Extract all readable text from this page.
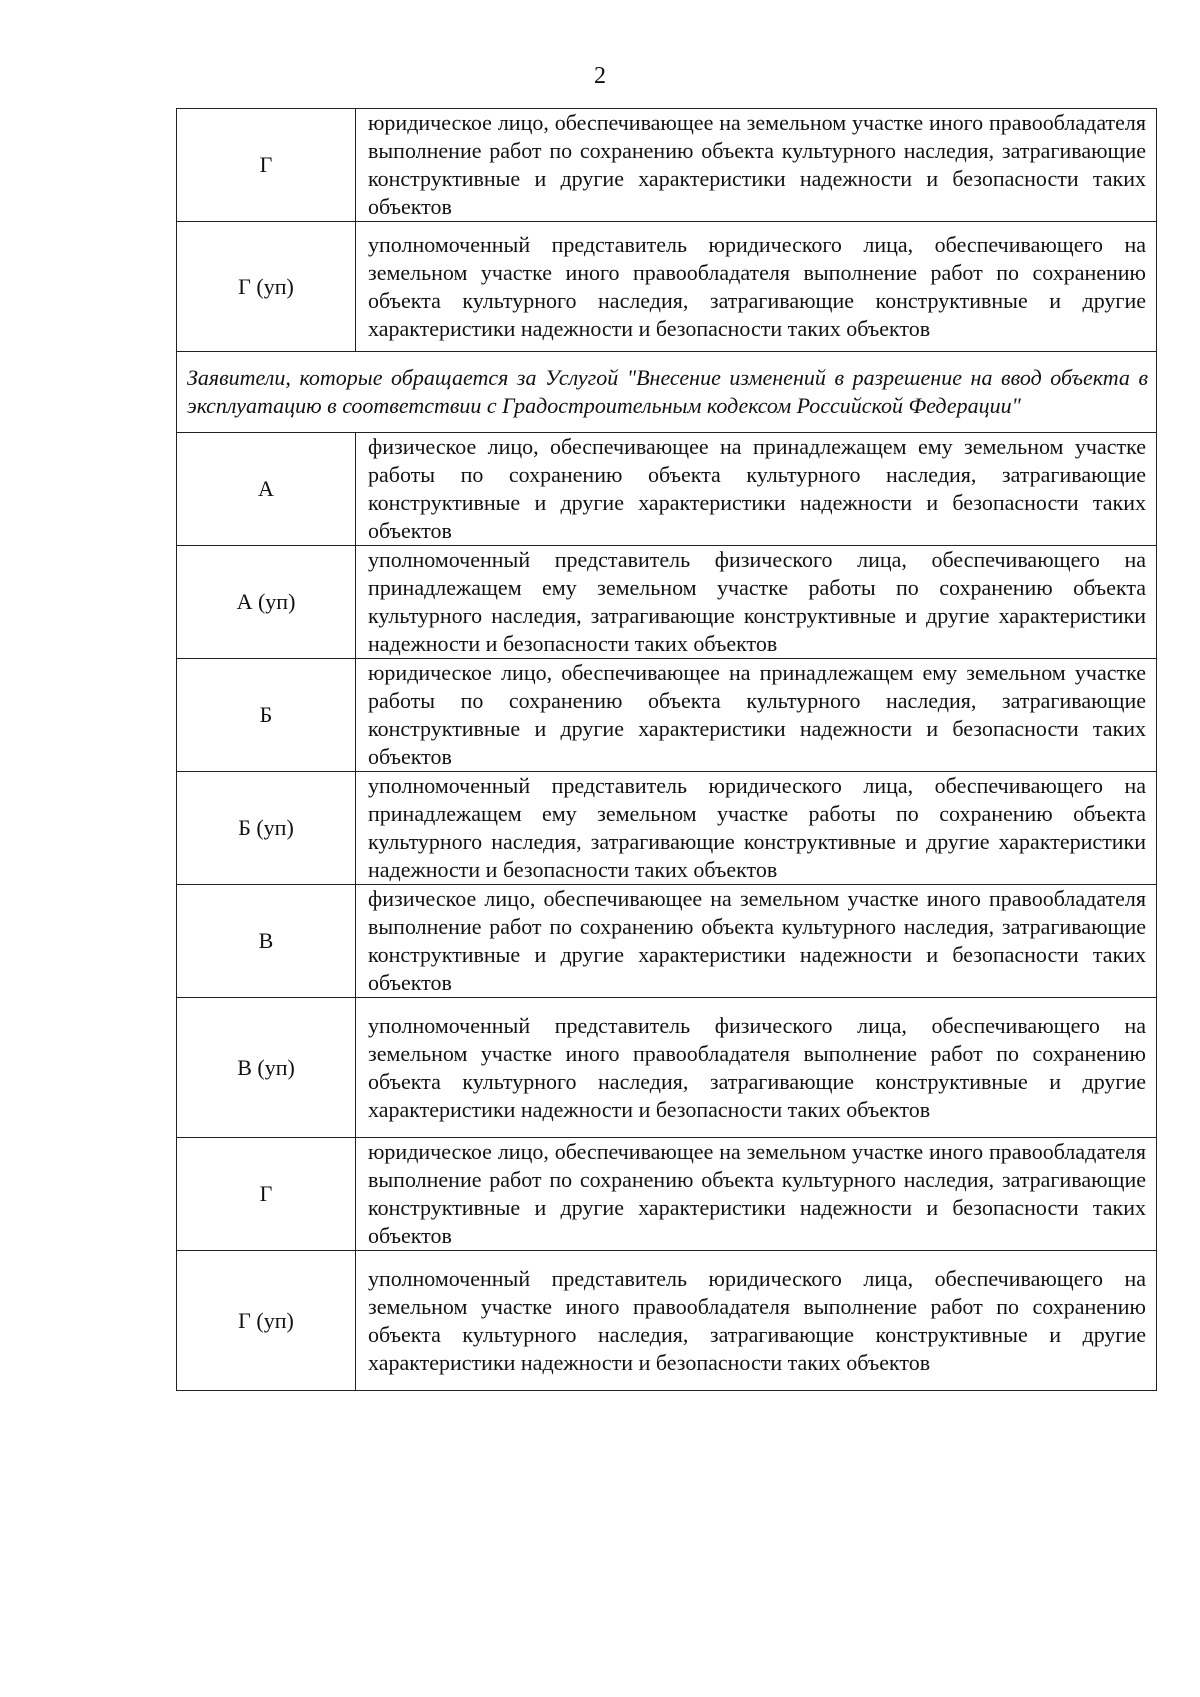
2
Г	юридическое лицо, обеспечивающее на земельном участке иного правообладателя выполнение работ по сохранению объекта культурного наследия, затрагивающие конструктивные и другие характеристики надежности и безопасности таких объектов
Г (уп)	уполномоченный представитель юридического лица, обеспечивающего на земельном участке иного правообладателя выполнение работ по сохранению объекта культурного наследия, затрагивающие конструктивные и другие характеристики надежности и безопасности таких объектов
Заявители, которые обращается за Услугой "Внесение изменений в разрешение на ввод объекта в эксплуатацию в соответствии с Градостроительным кодексом Российской Федерации"	
А	физическое лицо, обеспечивающее на принадлежащем ему земельном участке работы по сохранению объекта культурного наследия, затрагивающие конструктивные и другие характеристики надежности и безопасности таких объектов
А (уп)	уполномоченный представитель физического лица, обеспечивающего на принадлежащем ему земельном участке работы по сохранению объекта культурного наследия, затрагивающие конструктивные и другие характеристики надежности и безопасности таких объектов
Б	юридическое лицо, обеспечивающее на принадлежащем ему земельном участке работы по сохранению объекта культурного наследия, затрагивающие конструктивные и другие характеристики надежности и безопасности таких объектов
Б (уп)	уполномоченный представитель юридического лица, обеспечивающего на принадлежащем ему земельном участке работы по сохранению объекта культурного наследия, затрагивающие конструктивные и другие характеристики надежности и безопасности таких объектов
В	физическое лицо, обеспечивающее на земельном участке иного правообладателя выполнение работ по сохранению объекта культурного наследия, затрагивающие конструктивные и другие характеристики надежности и безопасности таких объектов
В (уп)	уполномоченный представитель физического лица, обеспечивающего на земельном участке иного правообладателя выполнение работ по сохранению объекта культурного наследия, затрагивающие конструктивные и другие характеристики надежности и безопасности таких объектов
Г	юридическое лицо, обеспечивающее на земельном участке иного правообладателя выполнение работ по сохранению объекта культурного наследия, затрагивающие конструктивные и другие характеристики надежности и безопасности таких объектов
Г (уп)	уполномоченный представитель юридического лица, обеспечивающего на земельном участке иного правообладателя выполнение работ по сохранению объекта культурного наследия, затрагивающие конструктивные и другие характеристики надежности и безопасности таких объектов
